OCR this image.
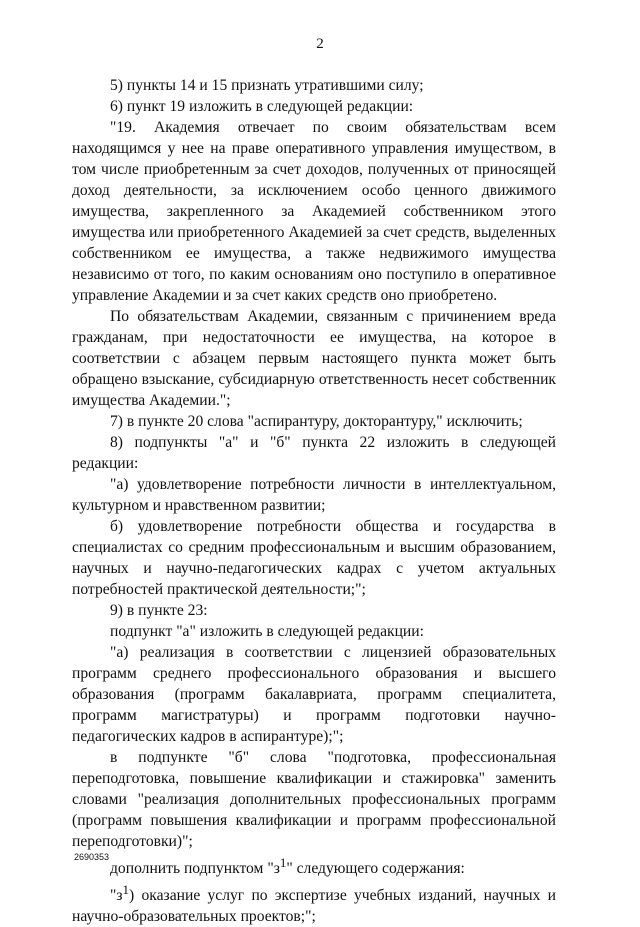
2

5) пункты 14 и 15 признать утратившими силу;

6) пункт 19 изложить в следующей редакции:

"19. Академия отвечает по своим обязательствам всем находящимся у нее на праве оперативного управления имуществом, в том числе приобретенным за счет доходов, полученных от приносящей доход деятельности, за исключением особо ценного движимого имущества, закрепленного за Академией собственником этого имущества или приобретенного Академией за счет средств, выделенных собственником ее имущества, а также недвижимого имущества независимо от того, по каким основаниям оно поступило в оперативное управление Академии и за счет каких средств оно приобретено.

По обязательствам Академии, связанным с причинением вреда гражданам, при недостаточности ее имущества, на которое в соответствии с абзацем первым настоящего пункта может быть обращено взыскание, субсидиарную ответственность несет собственник имущества Академии.";

7) в пункте 20 слова "аспирантуру, докторантуру," исключить;

8) подпункты "а" и "б" пункта 22 изложить в следующей редакции:

"а) удовлетворение потребности личности в интеллектуальном, культурном и нравственном развитии;

б) удовлетворение потребности общества и государства в специалистах со средним профессиональным и высшим образованием, научных и научно-педагогических кадрах с учетом актуальных потребностей практической деятельности;";

9) в пункте 23:

подпункт "а" изложить в следующей редакции:

"а) реализация в соответствии с лицензией образовательных программ среднего профессионального образования и высшего образования (программ бакалавриата, программ специалитета, программ магистратуры) и программ подготовки научно-педагогических кадров в аспирантуре);";

в подпункте "б" слова "подготовка, профессиональная переподготовка, повышение квалификации и стажировка" заменить словами "реализация дополнительных профессиональных программ (программ повышения квалификации и программ профессиональной переподготовки)";

дополнить подпунктом "$з^1$" следующего содержания:

"$з^1$) оказание услуг по экспертизе учебных изданий, научных и научно-образовательных проектов;";

2690353
